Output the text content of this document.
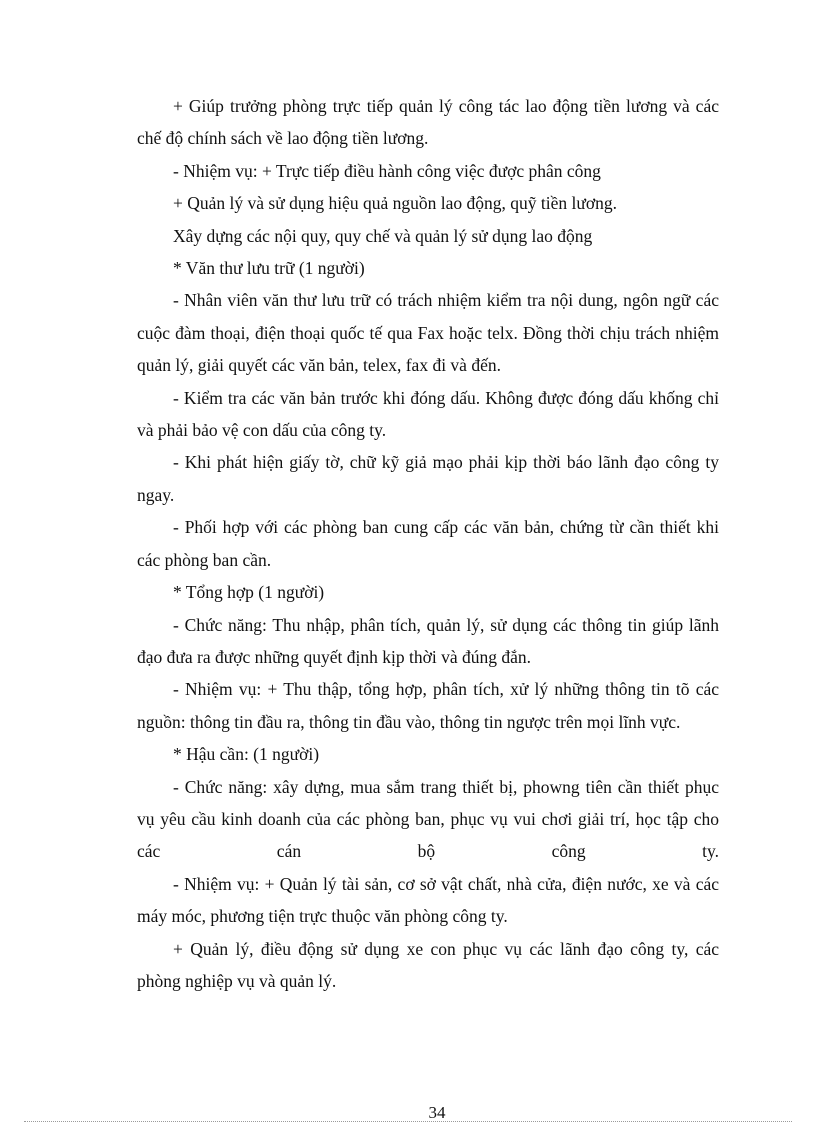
+ Giúp trưởng phòng trực tiếp quản lý công tác lao động tiền lương và các chế độ chính sách về lao động tiền lương.

- Nhiệm vụ: + Trực tiếp điều hành công việc được phân công

+ Quản lý và sử dụng hiệu quả nguồn lao động, quỹ tiền lương.

Xây dựng các nội quy, quy chế và quản lý sử dụng lao động

* Văn thư lưu trữ (1 người)

- Nhân viên văn thư lưu trữ có trách nhiệm kiểm tra nội dung, ngôn ngữ các cuộc đàm thoại, điện thoại quốc tế qua Fax hoặc telx. Đồng thời chịu trách nhiệm quản lý, giải quyết các văn bản, telex, fax đi và đến.

- Kiểm tra các văn bản trước khi đóng dấu. Không được đóng dấu khống chỉ và phải bảo vệ con dấu của công ty.

- Khi phát hiện giấy tờ, chữ kỹ giả mạo phải kịp thời báo lãnh đạo công ty ngay.

- Phối hợp với các phòng ban cung cấp các văn bản, chứng từ cần thiết khi các phòng ban cần.

* Tổng hợp (1 người)

- Chức năng: Thu nhập, phân tích, quản lý, sử dụng các thông tin giúp lãnh đạo đưa ra được những quyết định kịp thời và đúng đắn.

- Nhiệm vụ: + Thu thập, tổng hợp, phân tích, xử lý những thông tin tõ các nguồn: thông tin đầu ra, thông tin đầu vào, thông tin ngược trên mọi lĩnh vực.

* Hậu cần: (1 người)

- Chức năng: xây dựng, mua sắm trang thiết bị, phowng tiên cần thiết phục vụ yêu cầu kinh doanh của các phòng ban, phục vụ vui chơi giải trí, học tập cho các cán bộ công ty.

- Nhiệm vụ: + Quản lý tài sản, cơ sở vật chất, nhà cửa, điện nước, xe và các máy móc, phương tiện trực thuộc văn phòng công ty.

+ Quản lý, điều động sử dụng xe con phục vụ các lãnh đạo công ty, các phòng nghiệp vụ và quản lý.

34
